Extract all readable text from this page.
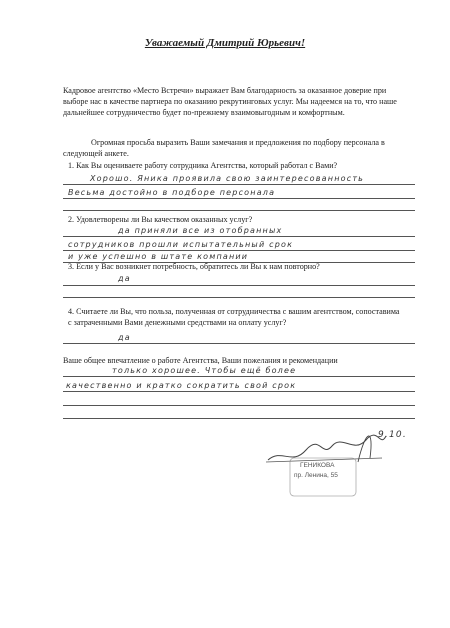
Уважаемый Дмитрий Юрьевич!
Кадровое агентство «Место Встречи» выражает Вам благодарность за оказанное доверие при выборе нас в качестве партнера по оказанию рекрутинговых услуг. Мы надеемся на то, что наше дальнейшее сотрудничество будет по-прежнему взаимовыгодным и комфортным.
Огромная просьба выразить Ваши замечания и предложения по подбору персонала в следующей анкете.
1. Как Вы оцениваете работу сотрудника Агентства, который работал с Вами?
Хорошо. Яника проявила свою заинтересованность
Весьма достойно в подборе персонала
2. Удовлетворены ли Вы качеством оказанных услуг?
да приняли все из отобранных
сотрудников прошли испытательный срок
и уже успешно в штате компании
3. Если у Вас возникнет потребность, обратитесь ли Вы к нам повторно?
да
4. Считаете ли Вы, что польза, полученная от сотрудничества с вашим агентством, сопоставима с затраченными Вами денежными средствами на оплату услуг?
да
Ваше общее впечатление о работе Агентства, Ваши пожелания и рекомендации
только хорошее. Чтобы ещё более
качественно и кратко сократить свой срок
9.10.
ГЕНИКОВА
пр. Ленина, 55
